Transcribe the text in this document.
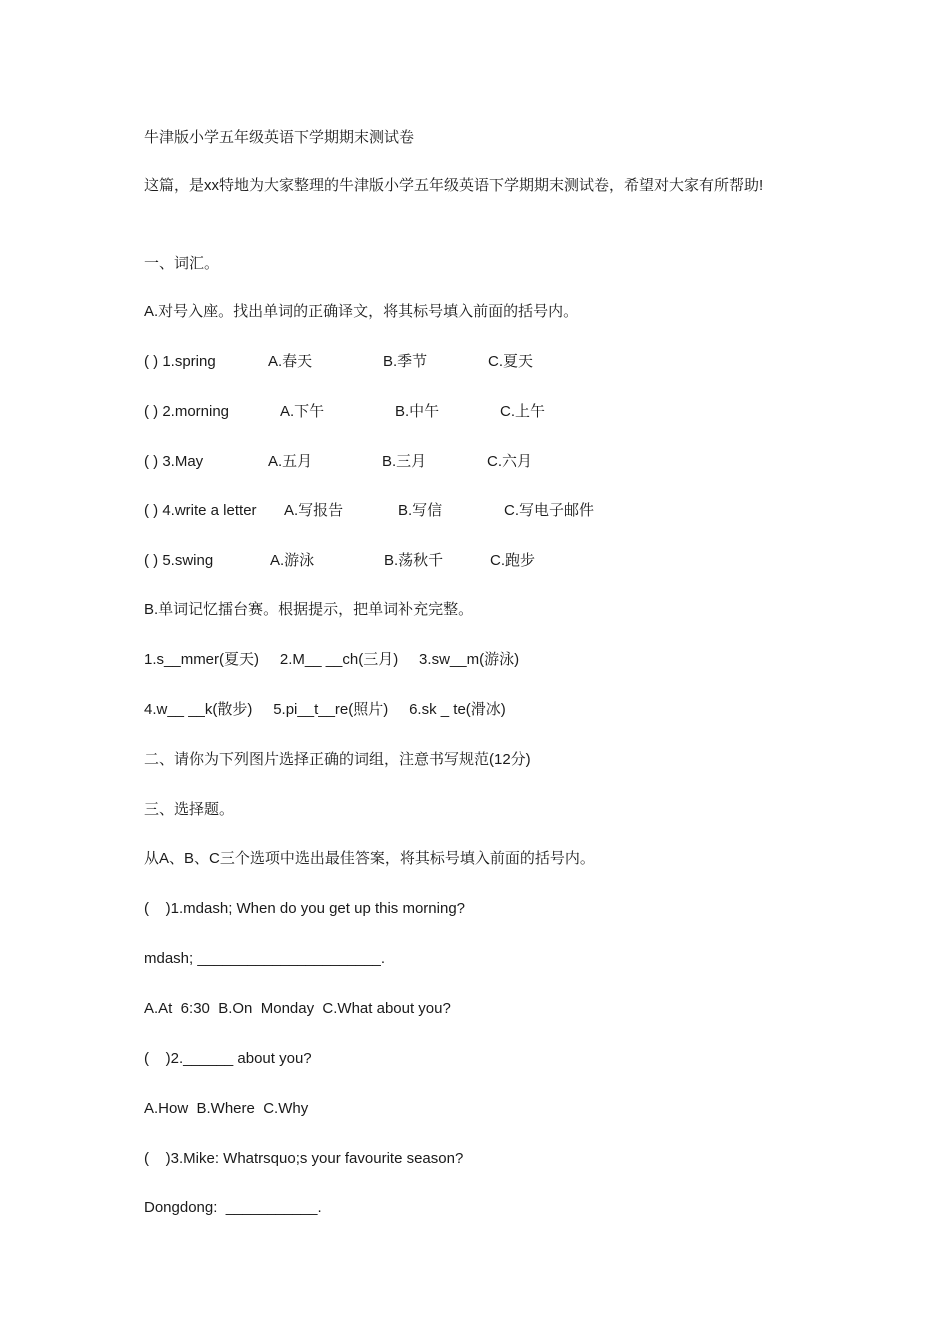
牛津版小学五年级英语下学期期末测试卷
这篇，是xx特地为大家整理的牛津版小学五年级英语下学期期末测试卷，希望对大家有所帮助!
一、词汇。
A.对号入座。找出单词的正确译文，将其标号填入前面的括号内。
( ) 1.spring	A.春天	B.季节	C.夏天
( ) 2.morning	A.下午	B.中午	C.上午
( ) 3.May	A.五月	B.三月	C.六月
( ) 4.write a letter A.写报告	B.写信	C.写电子邮件
( ) 5.swing	A.游泳	B.荡秋千	C.跑步
B.单词记忆擂台赛。根据提示，把单词补充完整。
1.s__mmer(夏天)     2.M__ __ch(三月)     3.sw__m(游泳)
4.w__ __k(散步)     5.pi__t__re(照片)     6.sk _ te(滑冰)
二、请你为下列图片选择正确的词组，注意书写规范(12分)
三、选择题。
从A、B、C三个选项中选出最佳答案，将其标号填入前面的括号内。
(    )1.mdash; When do you get up this morning?
mdash; ______________________.
A.At  6:30  B.On  Monday  C.What about you?
(    )2.______ about you?
A.How  B.Where  C.Why
(    )3.Mike: Whatrsquo;s your favourite season?
Dongdong:  ___________.
